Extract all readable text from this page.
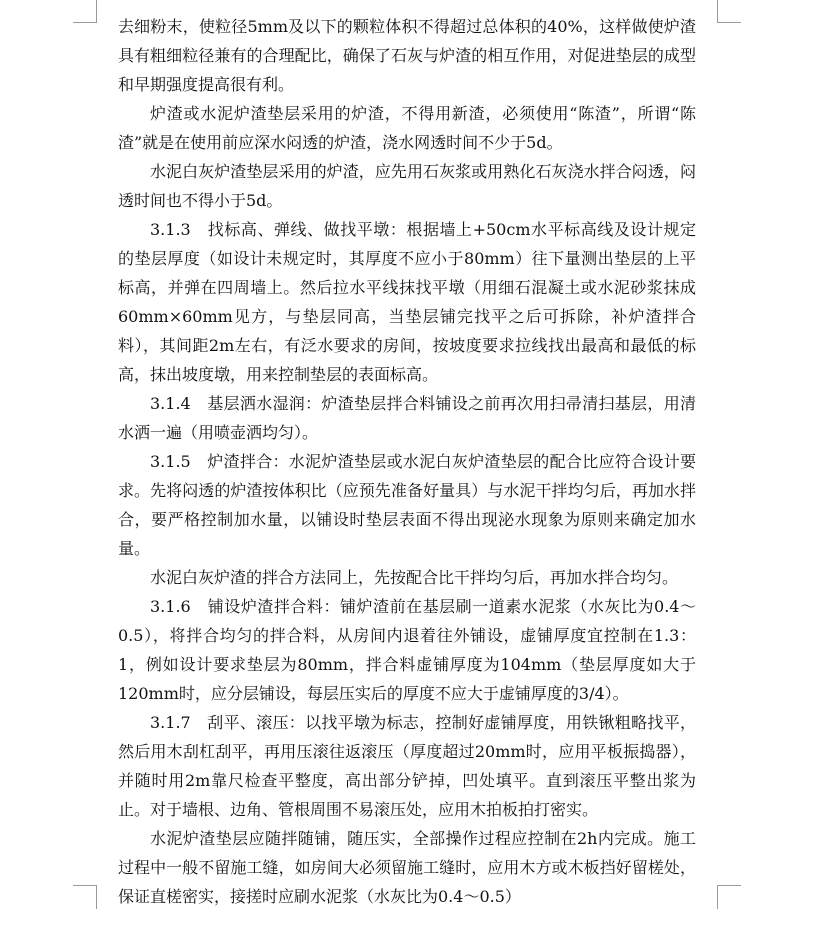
去细粉末，使粒径5mm及以下的颗粒体积不得超过总体积的40%，这样做使炉渣具有粗细粒径兼有的合理配比，确保了石灰与炉渣的相互作用，对促进垫层的成型和早期强度提高很有利。

炉渣或水泥炉渣垫层采用的炉渣，不得用新渣，必须使用“陈渣”，所谓“陈渣”就是在使用前应深水闷透的炉渣，浇水网透时间不少于5d。

水泥白灰炉渣垫层采用的炉渣，应先用石灰浆或用熟化石灰浇水拌合闷透，闷透时间也不得小于5d。

3.1.3　找标高、弹线、做找平墩：根据墙上+50cm水平标高线及设计规定的垫层厚度（如设计未规定时，其厚度不应小于80mm）往下量测出垫层的上平标高，并弹在四周墙上。然后拉水平线抹找平墩（用细石混凝土或水泥砂浆抹成60mm×60mm见方，与垫层同高，当垫层铺完找平之后可拆除，补炉渣拌合料），其间距2m左右，有泛水要求的房间，按坡度要求拉线找出最高和最低的标高，抹出坡度墩，用来控制垫层的表面标高。

3.1.4　基层洒水湿润：炉渣垫层拌合料铺设之前再次用扫帚清扫基层，用清水洒一遍（用喷壶洒均匀）。

3.1.5　炉渣拌合：水泥炉渣垫层或水泥白灰炉渣垫层的配合比应符合设计要求。先将闷透的炉渣按体积比（应预先准备好量具）与水泥干拌均匀后，再加水拌合，要严格控制加水量，以铺设时垫层表面不得出现泌水现象为原则来确定加水量。

水泥白灰炉渣的拌合方法同上，先按配合比干拌均匀后，再加水拌合均匀。

3.1.6　铺设炉渣拌合料：铺炉渣前在基层刷一道素水泥浆（水灰比为0.4～0.5），将拌合均匀的拌合料，从房间内退着往外铺设，虚铺厚度宜控制在1.3：1，例如设计要求垫层为80mm，拌合料虚铺厚度为104mm（垫层厚度如大于120mm时，应分层铺设，每层压实后的厚度不应大于虚铺厚度的3/4）。

3.1.7　刮平、滚压：以找平墩为标志，控制好虚铺厚度，用铁锹粗略找平，然后用木刮杠刮平，再用压滚往返滚压（厚度超过20mm时，应用平板振捣器），并随时用2m靠尺检查平整度，高出部分铲掉，凹处填平。直到滚压平整出浆为止。对于墙根、边角、管根周围不易滚压处，应用木拍板拍打密实。

水泥炉渣垫层应随拌随铺，随压实，全部操作过程应控制在2h内完成。施工过程中一般不留施工缝，如房间大必须留施工缝时，应用木方或木板挡好留槎处，保证直槎密实，接搓时应刷水泥浆（水灰比为0.4～0.5）
